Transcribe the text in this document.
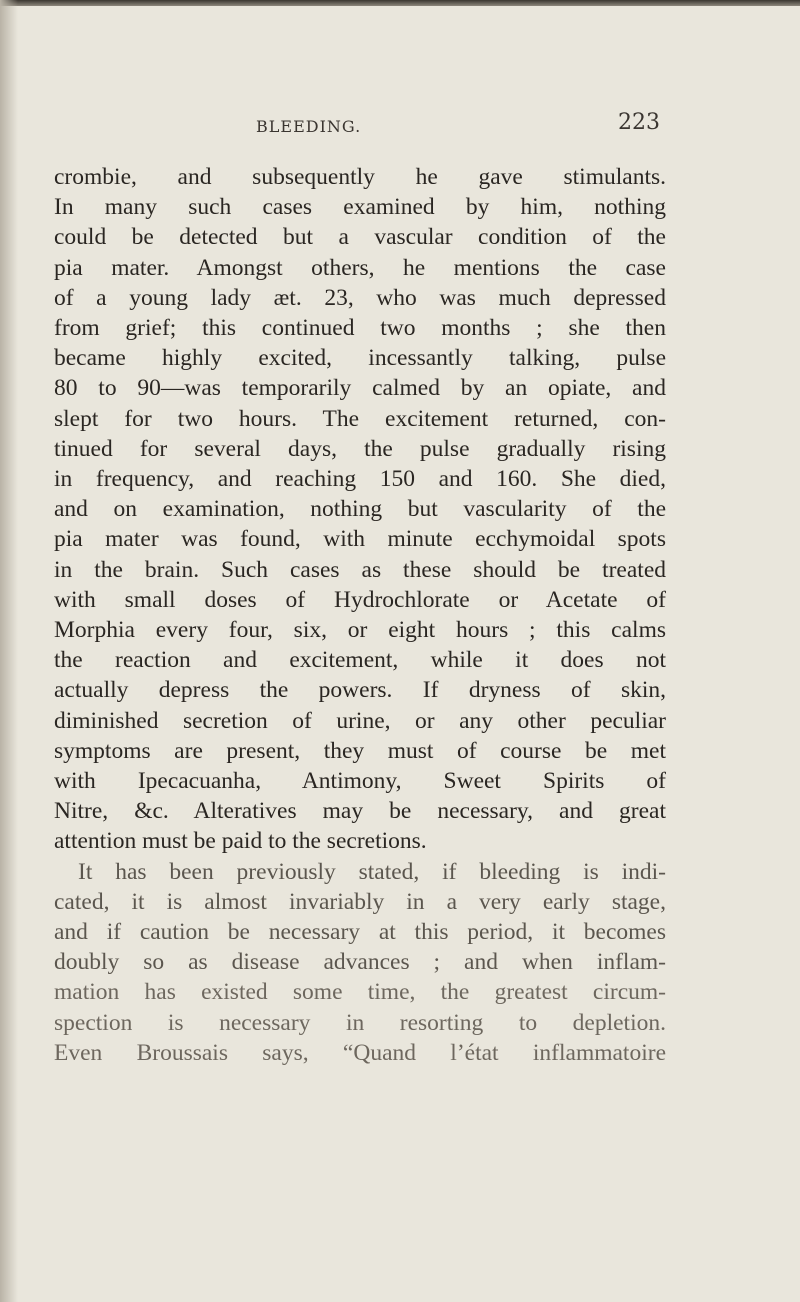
BLEEDING.	223
crombie, and subsequently he gave stimulants.
In many such cases examined by him, nothing
could be detected but a vascular condition of the
pia mater. Amongst others, he mentions the case
of a young lady æt. 23, who was much depressed
from grief; this continued two months ; she then
became highly excited, incessantly talking, pulse
80 to 90—was temporarily calmed by an opiate, and
slept for two hours. The excitement returned, con-
tinued for several days, the pulse gradually rising
in frequency, and reaching 150 and 160. She died,
and on examination, nothing but vascularity of the
pia mater was found, with minute ecchymoidal spots
in the brain. Such cases as these should be treated
with small doses of Hydrochlorate or Acetate of
Morphia every four, six, or eight hours ; this calms
the reaction and excitement, while it does not
actually depress the powers. If dryness of skin,
diminished secretion of urine, or any other peculiar
symptoms are present, they must of course be met
with Ipecacuanha, Antimony, Sweet Spirits of
Nitre, &c. Alteratives may be necessary, and great
attention must be paid to the secretions.
It has been previously stated, if bleeding is indi-
cated, it is almost invariably in a very early stage,
and if caution be necessary at this period, it becomes
doubly so as disease advances ; and when inflam-
mation has existed some time, the greatest circum-
spection is necessary in resorting to depletion.
Even Broussais says, “Quand l’état inflammatoire
